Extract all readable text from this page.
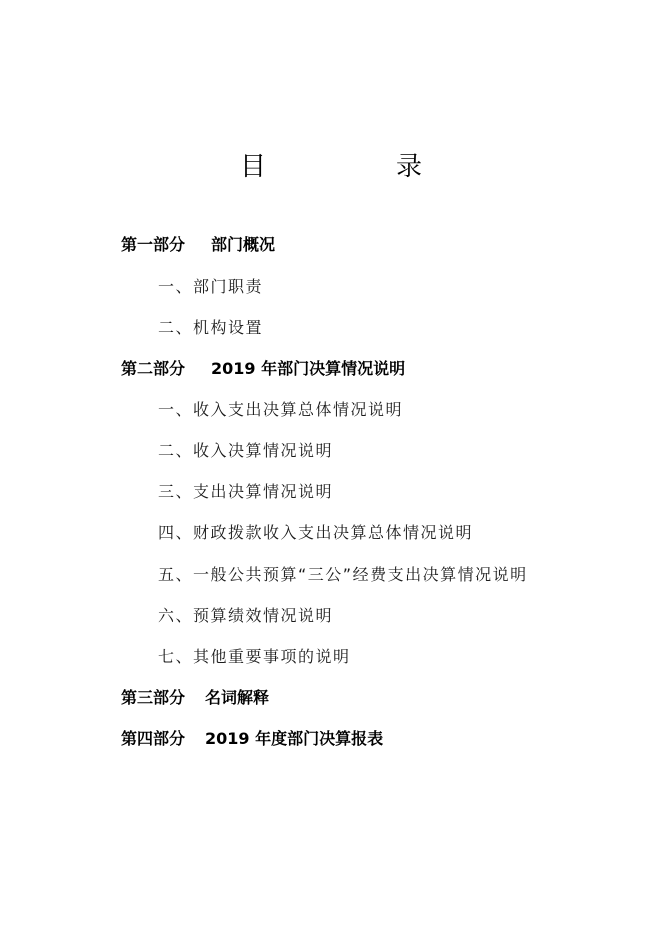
目　录
第一部分 部门概况
一、部门职责
二、机构设置
第二部分 2019 年部门决算情况说明
一、收入支出决算总体情况说明
二、收入决算情况说明
三、支出决算情况说明
四、财政拨款收入支出决算总体情况说明
五、一般公共预算“三公”经费支出决算情况说明
六、预算绩效情况说明
七、其他重要事项的说明
第三部分 名词解释
第四部分 2019 年度部门决算报表
